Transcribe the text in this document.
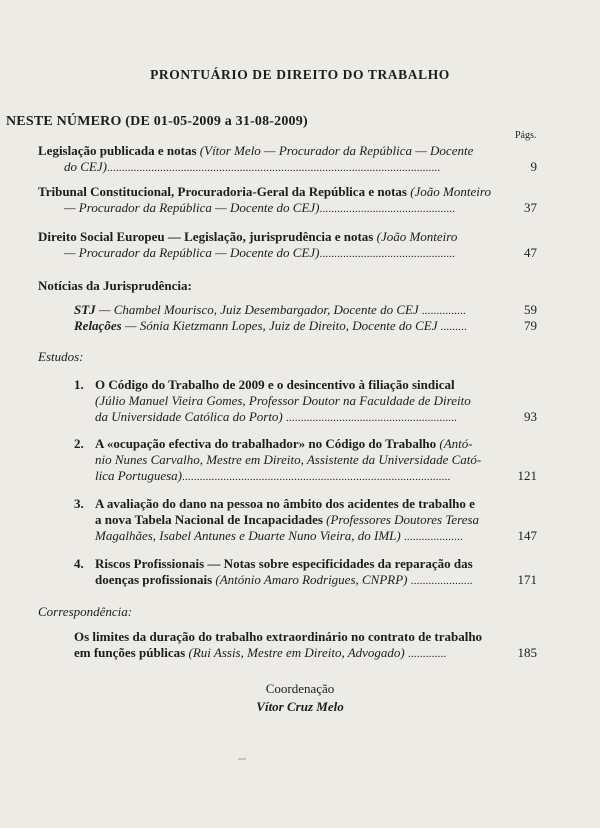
PRONTUÁRIO DE DIREITO DO TRABALHO
NESTE NÚMERO (DE 01-05-2009 a 31-08-2009)
Págs.
Legislação publicada e notas (Vítor Melo — Procurador da República — Docente
do CEJ).................................................................................................................	9
Tribunal Constitucional, Procuradoria-Geral da República e notas (João Monteiro
— Procurador da República — Docente do CEJ)..............................................	37
Direito Social Europeu — Legislação, jurisprudência e notas (João Monteiro
— Procurador da República — Docente do CEJ)..............................................	47
Notícias da Jurisprudência:
STJ — Chambel Mourisco, Juiz Desembargador, Docente do CEJ ...............	59
Relações — Sónia Kietzmann Lopes, Juiz de Direito, Docente do CEJ .........	79
Estudos:
1. O Código do Trabalho de 2009 e o desincentivo à filiação sindical
(Júlio Manuel Vieira Gomes, Professor Doutor na Faculdade de Direito
da Universidade Católica do Porto) ..........................................................	93
2. A «ocupação efectiva do trabalhador» no Código do Trabalho (Antó-
nio Nunes Carvalho, Mestre em Direito, Assistente da Universidade Cató-
lica Portuguesa)...........................................................................................	121
3. A avaliação do dano na pessoa no âmbito dos acidentes de trabalho e
a nova Tabela Nacional de Incapacidades (Professores Doutores Teresa
Magalhães, Isabel Antunes e Duarte Nuno Vieira, do IML) ....................	147
4. Riscos Profissionais — Notas sobre especificidades da reparação das
doenças profissionais (António Amaro Rodrigues, CNPRP) .....................	171
Correspondência:
Os limites da duração do trabalho extraordinário no contrato de trabalho
em funções públicas (Rui Assis, Mestre em Direito, Advogado) .............	185
Coordenação
Vítor Cruz Melo
